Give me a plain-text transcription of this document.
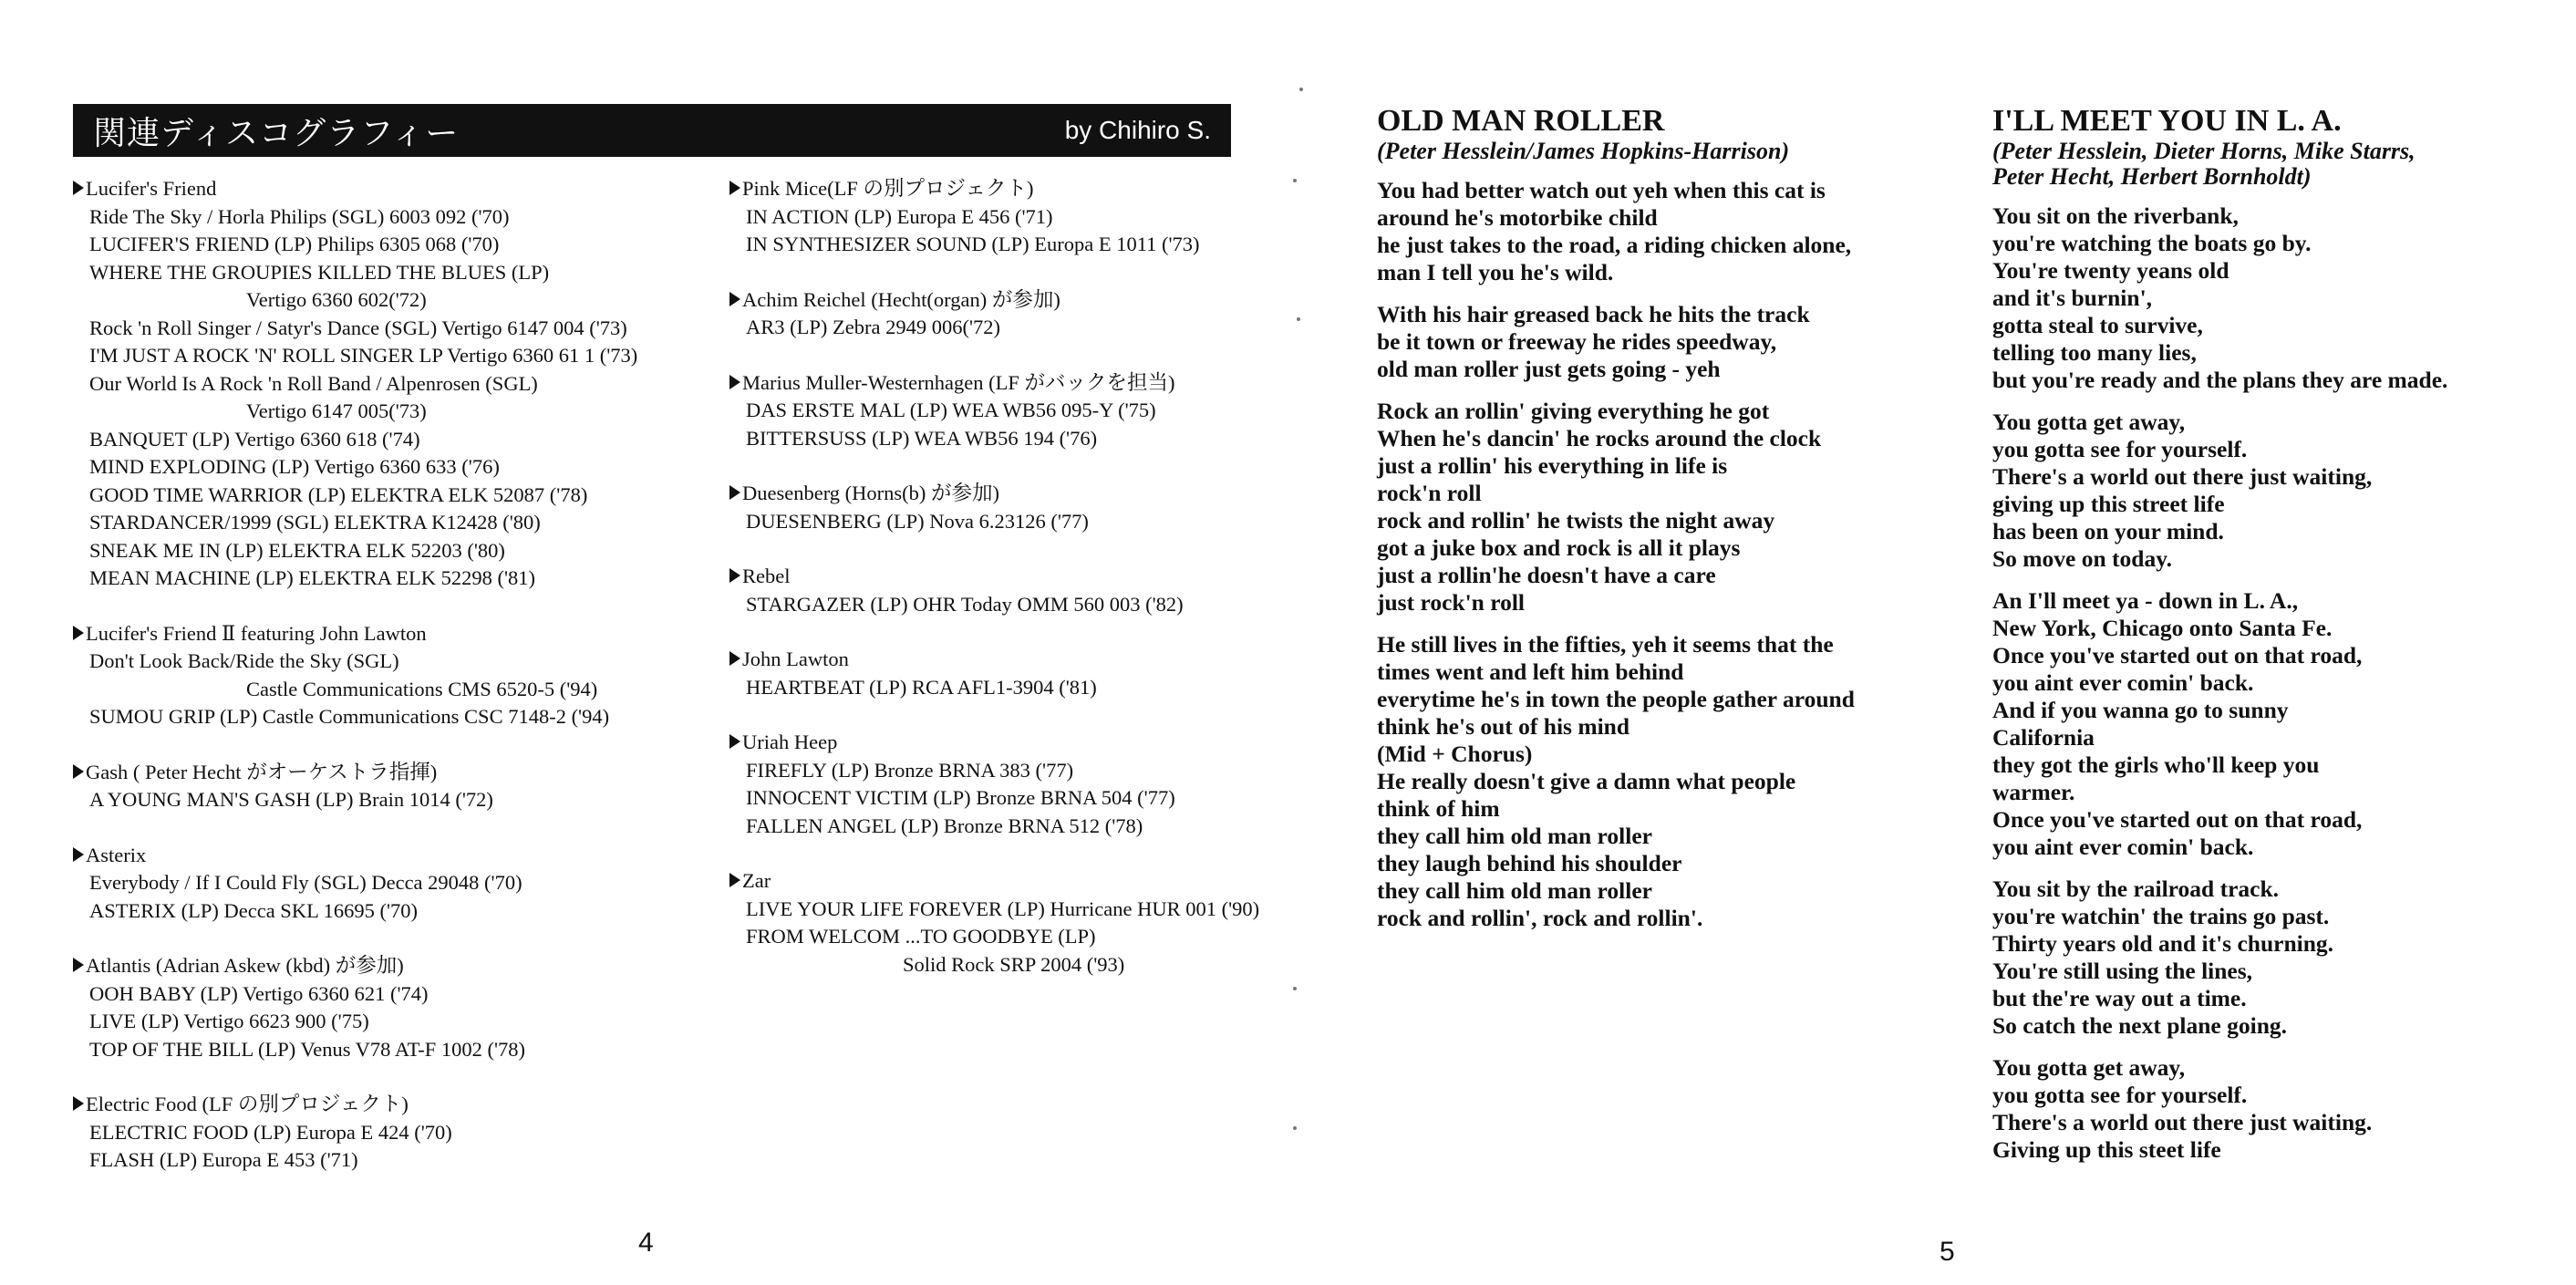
関連ディスコグラフィー	by Chihiro S.
Lucifer's Friend
Ride The Sky / Horla Philips (SGL) 6003 092 ('70)
LUCIFER'S FRIEND (LP) Philips 6305 068 ('70)
WHERE THE GROUPIES KILLED THE BLUES (LP)
Vertigo 6360 602('72)
Rock 'n Roll Singer / Satyr's Dance (SGL) Vertigo 6147 004 ('73)
I'M JUST A ROCK 'N' ROLL SINGER LP Vertigo 6360 61 1 ('73)
Our World Is A Rock 'n Roll Band / Alpenrosen (SGL)
Vertigo 6147 005('73)
BANQUET (LP) Vertigo 6360 618 ('74)
MIND EXPLODING (LP) Vertigo 6360 633 ('76)
GOOD TIME WARRIOR (LP) ELEKTRA ELK 52087 ('78)
STARDANCER/1999 (SGL) ELEKTRA K12428 ('80)
SNEAK ME IN (LP) ELEKTRA ELK 52203 ('80)
MEAN MACHINE (LP) ELEKTRA ELK 52298 ('81)
Lucifer's Friend Ⅱ featuring John Lawton
Don't Look Back/Ride the Sky (SGL)
Castle Communications CMS 6520-5 ('94)
SUMOU GRIP (LP) Castle Communications CSC 7148-2 ('94)
Gash ( Peter Hecht がオーケストラ指揮)
A YOUNG MAN'S GASH (LP) Brain 1014 ('72)
Asterix
Everybody / If I Could Fly (SGL) Decca 29048 ('70)
ASTERIX (LP) Decca SKL 16695 ('70)
Atlantis (Adrian Askew (kbd) が参加)
OOH BABY (LP) Vertigo 6360 621 ('74)
LIVE (LP) Vertigo 6623 900 ('75)
TOP OF THE BILL (LP) Venus V78 AT-F 1002 ('78)
Electric Food (LF の別プロジェクト)
ELECTRIC FOOD (LP) Europa E 424 ('70)
FLASH (LP) Europa E 453 ('71)
Pink Mice(LF の別プロジェクト)
IN ACTION (LP) Europa E 456 ('71)
IN SYNTHESIZER SOUND (LP) Europa E 1011 ('73)
Achim Reichel (Hecht(organ) が参加)
AR3 (LP) Zebra 2949 006('72)
Marius Muller-Westernhagen (LF がバックを担当)
DAS ERSTE MAL (LP) WEA WB56 095-Y ('75)
BITTERSUSS (LP) WEA WB56 194 ('76)
Duesenberg (Horns(b) が参加)
DUESENBERG (LP) Nova 6.23126 ('77)
Rebel
STARGAZER (LP) OHR Today OMM 560 003 ('82)
John Lawton
HEARTBEAT (LP) RCA AFL1-3904 ('81)
Uriah Heep
FIREFLY (LP) Bronze BRNA 383 ('77)
INNOCENT VICTIM (LP) Bronze BRNA 504 ('77)
FALLEN ANGEL (LP) Bronze BRNA 512 ('78)
Zar
LIVE YOUR LIFE FOREVER (LP) Hurricane HUR 001 ('90)
FROM WELCOM ...TO GOODBYE (LP)
Solid Rock SRP 2004 ('93)
4
OLD MAN ROLLER
(Peter Hesslein/James Hopkins-Harrison)
You had better watch out yeh when this cat is
around he's motorbike child
he just takes to the road, a riding chicken alone,
man I tell you he's wild.
With his hair greased back he hits the track
be it town or freeway he rides speedway,
old man roller just gets going - yeh
Rock an rollin' giving everything he got
When he's dancin' he rocks around the clock
just a rollin' his everything in life is
rock'n roll
rock and rollin' he twists the night away
got a juke box and rock is all it plays
just a rollin'he doesn't have a care
just rock'n roll
He still lives in the fifties, yeh it seems that the
times went and left him behind
everytime he's in town the people gather around
think he's out of his mind
(Mid + Chorus)
He really doesn't give a damn what people
think of him
they call him old man roller
they laugh behind his shoulder
they call him old man roller
rock and rollin', rock and rollin'.
I'LL MEET YOU IN L. A.
(Peter Hesslein, Dieter Horns, Mike Starrs,
Peter Hecht, Herbert Bornholdt)
You sit on the riverbank,
you're watching the boats go by.
You're twenty yeans old
and it's burnin',
gotta steal to survive,
telling too many lies,
but you're ready and the plans they are made.
You gotta get away,
you gotta see for yourself.
There's a world out there just waiting,
giving up this street life
has been on your mind.
So move on today.
An I'll meet ya - down in L. A.,
New York, Chicago onto Santa Fe.
Once you've started out on that road,
you aint ever comin' back.
And if you wanna go to sunny
California
they got the girls who'll keep you
warmer.
Once you've started out on that road,
you aint ever comin' back.
You sit by the railroad track.
you're watchin' the trains go past.
Thirty years old and it's churning.
You're still using the lines,
but the're way out a time.
So catch the next plane going.
You gotta get away,
you gotta see for yourself.
There's a world out there just waiting.
Giving up this steet life
5
